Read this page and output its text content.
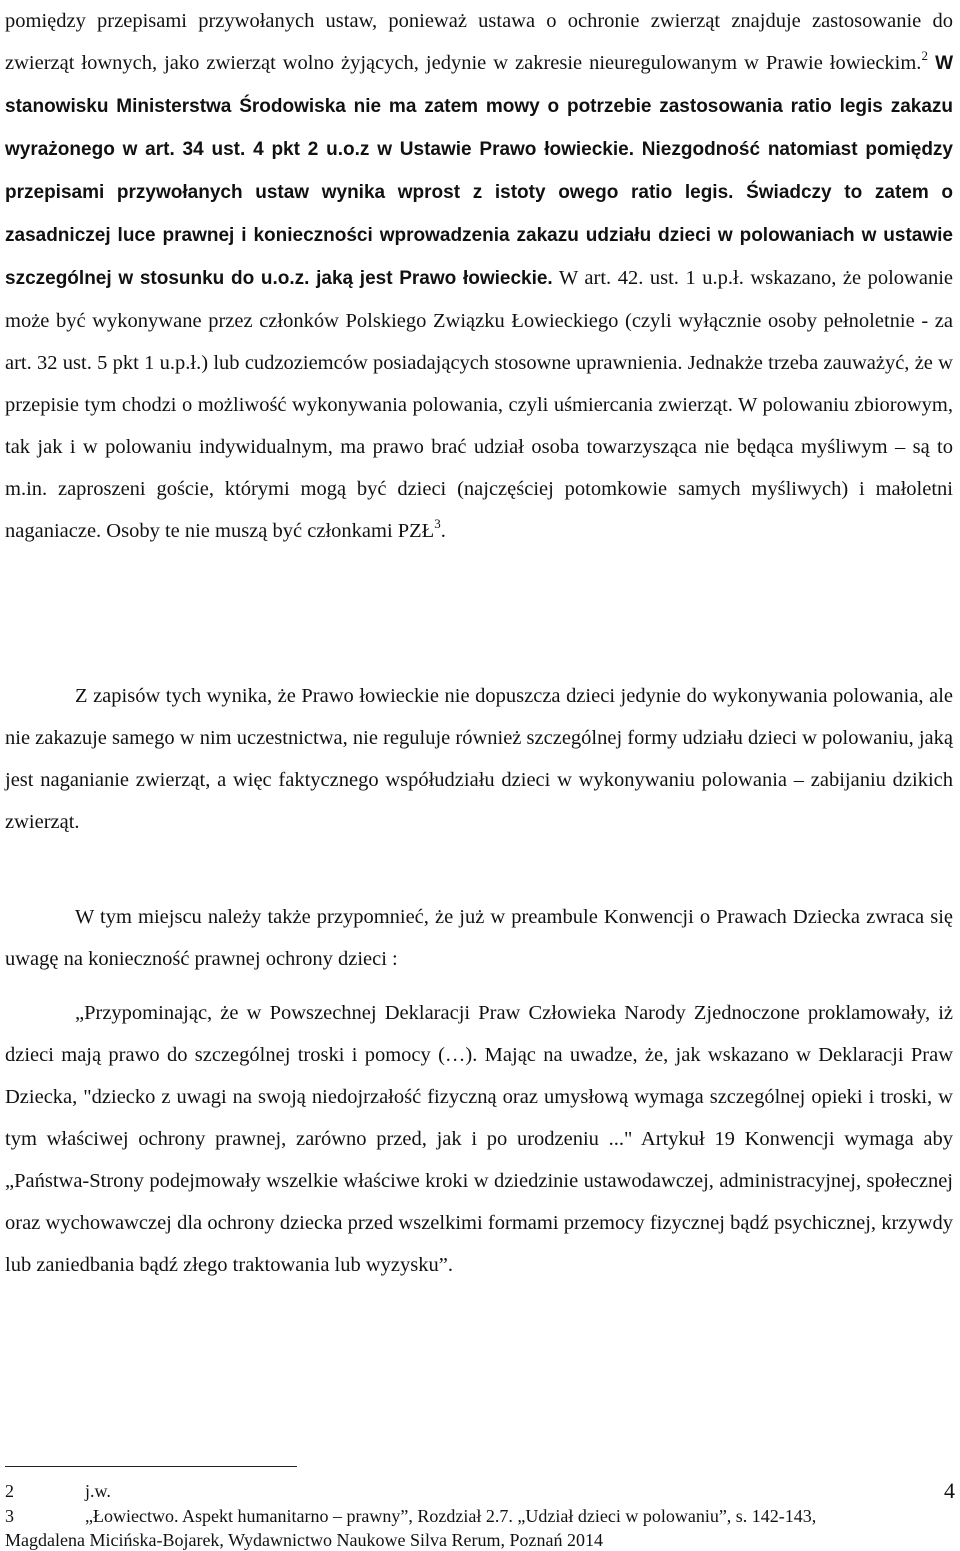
pomiędzy przepisami przywołanych ustaw, ponieważ ustawa o ochronie zwierząt znajduje zastosowanie do zwierząt łownych, jako zwierząt wolno żyjących, jedynie w zakresie nieuregulowanym w Prawie łowieckim.$^2$ W stanowisku Ministerstwa Środowiska nie ma zatem mowy o potrzebie zastosowania ratio legis zakazu wyrażonego w art. 34 ust. 4 pkt 2 u.o.z w Ustawie Prawo łowieckie. Niezgodność natomiast pomiędzy przepisami przywołanych ustaw wynika wprost z istoty owego ratio legis. Świadczy to zatem o zasadniczej luce prawnej i konieczności wprowadzenia zakazu udziału dzieci w polowaniach w ustawie szczególnej w stosunku do u.o.z. jaką jest Prawo łowieckie. W art. 42. ust. 1 u.p.ł. wskazano, że polowanie może być wykonywane przez członków Polskiego Związku Łowieckiego (czyli wyłącznie osoby pełnoletnie - za art. 32 ust. 5 pkt 1 u.p.ł.) lub cudzoziemców posiadających stosowne uprawnienia. Jednakże trzeba zauważyć, że w przepisie tym chodzi o możliwość wykonywania polowania, czyli uśmiercania zwierząt. W polowaniu zbiorowym, tak jak i w polowaniu indywidualnym, ma prawo brać udział osoba towarzysząca nie będąca myśliwym – są to m.in. zaproszeni goście, którymi mogą być dzieci (najczęściej potomkowie samych myśliwych) i małoletni naganiacze. Osoby te nie muszą być członkami PZŁ$^3$.

Z zapisów tych wynika, że Prawo łowieckie nie dopuszcza dzieci jedynie do wykonywania polowania, ale nie zakazuje samego w nim uczestnictwa, nie reguluje również szczególnej formy udziału dzieci w polowaniu, jaką jest naganianie zwierząt, a więc faktycznego współudziału dzieci w wykonywaniu polowania – zabijaniu dzikich zwierząt.

W tym miejscu należy także przypomnieć, że już w preambule Konwencji o Prawach Dziecka zwraca się uwagę na konieczność prawnej ochrony dzieci :

„Przypominając, że w Powszechnej Deklaracji Praw Człowieka Narody Zjednoczone proklamowały, iż dzieci mają prawo do szczególnej troski i pomocy (…). Mając na uwadze, że, jak wskazano w Deklaracji Praw Dziecka, "dziecko z uwagi na swoją niedojrzałość fizyczną oraz umysłową wymaga szczególnej opieki i troski, w tym właściwej ochrony prawnej, zarówno przed, jak i po urodzeniu ..." Artykuł 19 Konwencji wymaga aby „Państwa-Strony podejmowały wszelkie właściwe kroki w dziedzinie ustawodawczej, administracyjnej, społecznej oraz wychowawczej dla ochrony dziecka przed wszelkimi formami przemocy fizycznej bądź psychicznej, krzywdy lub zaniedbania bądź złego traktowania lub wyzysku”.

2	j.w.
3	„Łowiectwo. Aspekt humanitarno – prawny”, Rozdział 2.7. „Udział dzieci w polowaniu”, s. 142-143,
Magdalena Micińska-Bojarek, Wydawnictwo Naukowe Silva Rerum, Poznań 2014
4
